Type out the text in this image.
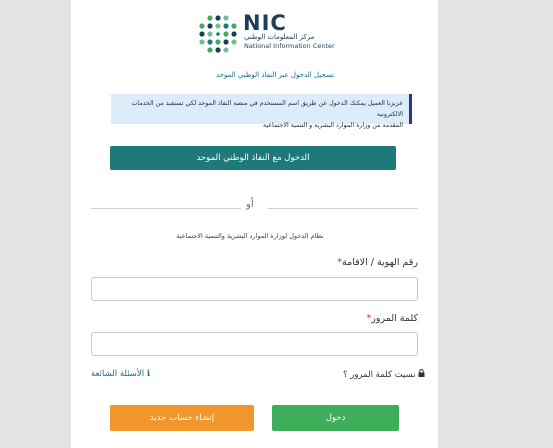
NIC
مركز المعلومات الوطني
National Information Center
تسجيل الدخول عبر النفاذ الوطني الموحد
عزيزنا العميل يمكنك الدخول عن طريق اسم المستخدم في منصة النفاذ الموحد لكي تستفيد من الخدمات الالكترونية
المقدمة من وزارة الموارد البشرية و التنمية الاجتماعية
الدخول مع النفاذ الوطني الموحد
أو
نظام الدخول لوزارة الموارد البشرية والتنمية الاجتماعية
رقم الهوية / الاقامة*
كلمة المرور*
الأسئلة الشائعة ℹ	نسيت كلمة المرور ؟
إنشاء حساب جديد	دخول
